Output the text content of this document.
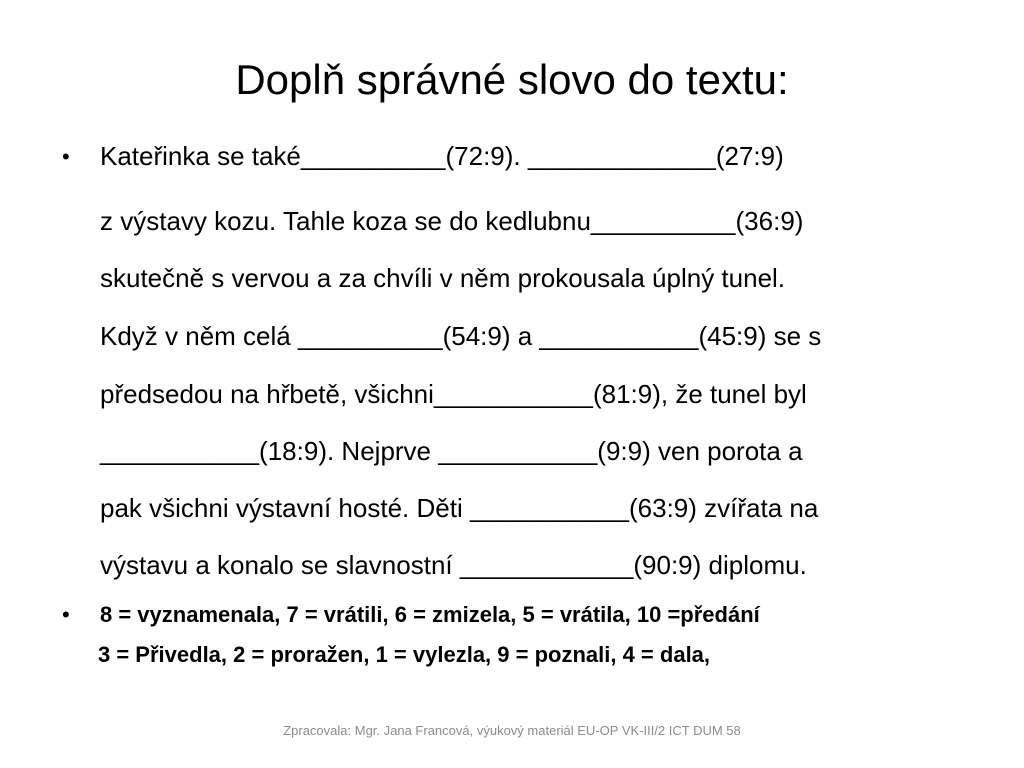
Doplň správné slovo do textu:
• Kateřinka se také__________(72:9). _____________(27:9)
z výstavy kozu. Tahle koza se do kedlubnu__________(36:9)
skutečně s vervou a za chvíli v něm prokousala úplný tunel.
Když v něm celá __________(54:9) a ___________(45:9) se s
předsedou na hřbetě, všichni___________(81:9), že tunel byl
___________(18:9). Nejprve ___________(9:9) ven porota a
pak všichni výstavní hosté. Děti ___________(63:9) zvířata na
výstavu a konalo se slavnostní ____________(90:9) diplomu.
• 8 = vyznamenala, 7 = vrátili, 6 = zmizela, 5 = vrátila, 10 =předání
3 = Přivedla, 2 = proražen, 1 = vylezla, 9 = poznali, 4 = dala,
Zpracovala: Mgr. Jana Francová, výukový materiál EU-OP VK-III/2 ICT DUM 58
